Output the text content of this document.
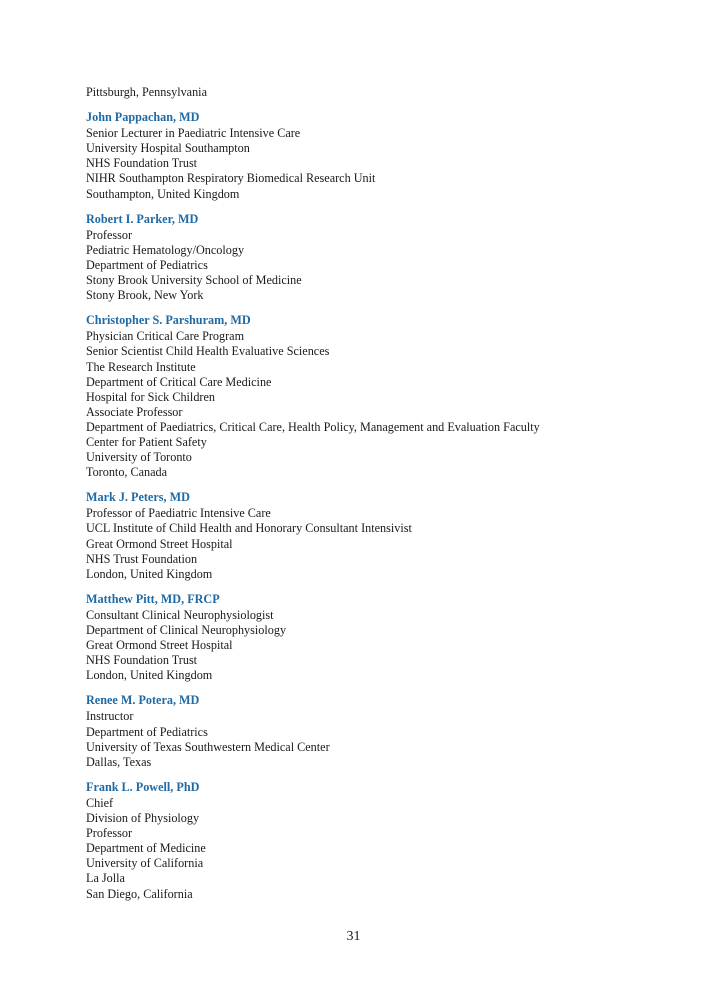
Pittsburgh, Pennsylvania
John Pappachan, MD
Senior Lecturer in Paediatric Intensive Care
University Hospital Southampton
NHS Foundation Trust
NIHR Southampton Respiratory Biomedical Research Unit
Southampton, United Kingdom
Robert I. Parker, MD
Professor
Pediatric Hematology/Oncology
Department of Pediatrics
Stony Brook University School of Medicine
Stony Brook, New York
Christopher S. Parshuram, MD
Physician Critical Care Program
Senior Scientist Child Health Evaluative Sciences
The Research Institute
Department of Critical Care Medicine
Hospital for Sick Children
Associate Professor
Department of Paediatrics, Critical Care, Health Policy, Management and Evaluation Faculty
Center for Patient Safety
University of Toronto
Toronto, Canada
Mark J. Peters, MD
Professor of Paediatric Intensive Care
UCL Institute of Child Health and Honorary Consultant Intensivist
Great Ormond Street Hospital
NHS Trust Foundation
London, United Kingdom
Matthew Pitt, MD, FRCP
Consultant Clinical Neurophysiologist
Department of Clinical Neurophysiology
Great Ormond Street Hospital
NHS Foundation Trust
London, United Kingdom
Renee M. Potera, MD
Instructor
Department of Pediatrics
University of Texas Southwestern Medical Center
Dallas, Texas
Frank L. Powell, PhD
Chief
Division of Physiology
Professor
Department of Medicine
University of California
La Jolla
San Diego, California
31
